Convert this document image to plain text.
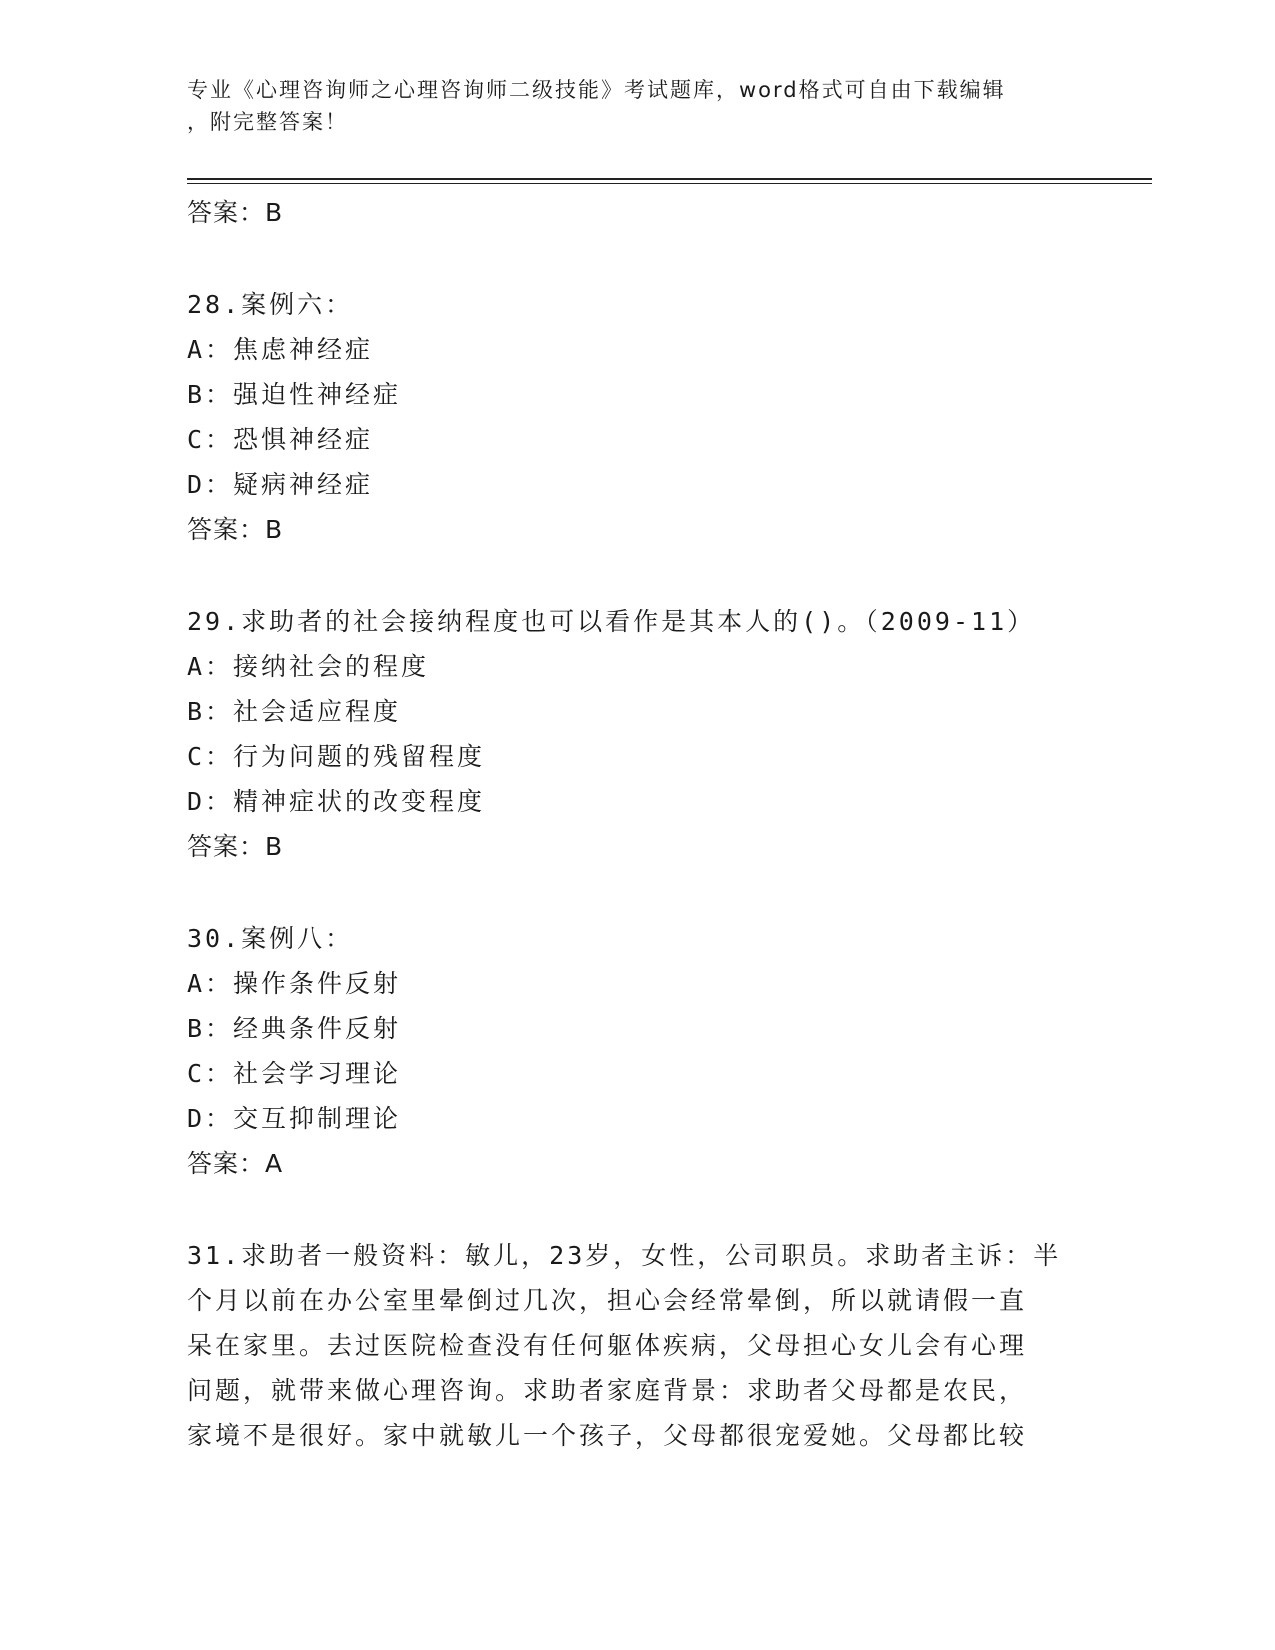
专业《心理咨询师之心理咨询师二级技能》考试题库，word格式可自由下载编辑
，附完整答案！
答案：B
28.案例六：
A：焦虑神经症
B：强迫性神经症
C：恐惧神经症
D：疑病神经症
答案：B
29.求助者的社会接纳程度也可以看作是其本人的()。（2009-11）
A：接纳社会的程度
B：社会适应程度
C：行为问题的残留程度
D：精神症状的改变程度
答案：B
30.案例八：
A：操作条件反射
B：经典条件反射
C：社会学习理论
D：交互抑制理论
答案：A
31.求助者一般资料：敏儿，23岁，女性，公司职员。求助者主诉：半
个月以前在办公室里晕倒过几次，担心会经常晕倒，所以就请假一直
呆在家里。去过医院检查没有任何躯体疾病，父母担心女儿会有心理
问题，就带来做心理咨询。求助者家庭背景：求助者父母都是农民，
家境不是很好。家中就敏儿一个孩子，父母都很宠爱她。父母都比较
